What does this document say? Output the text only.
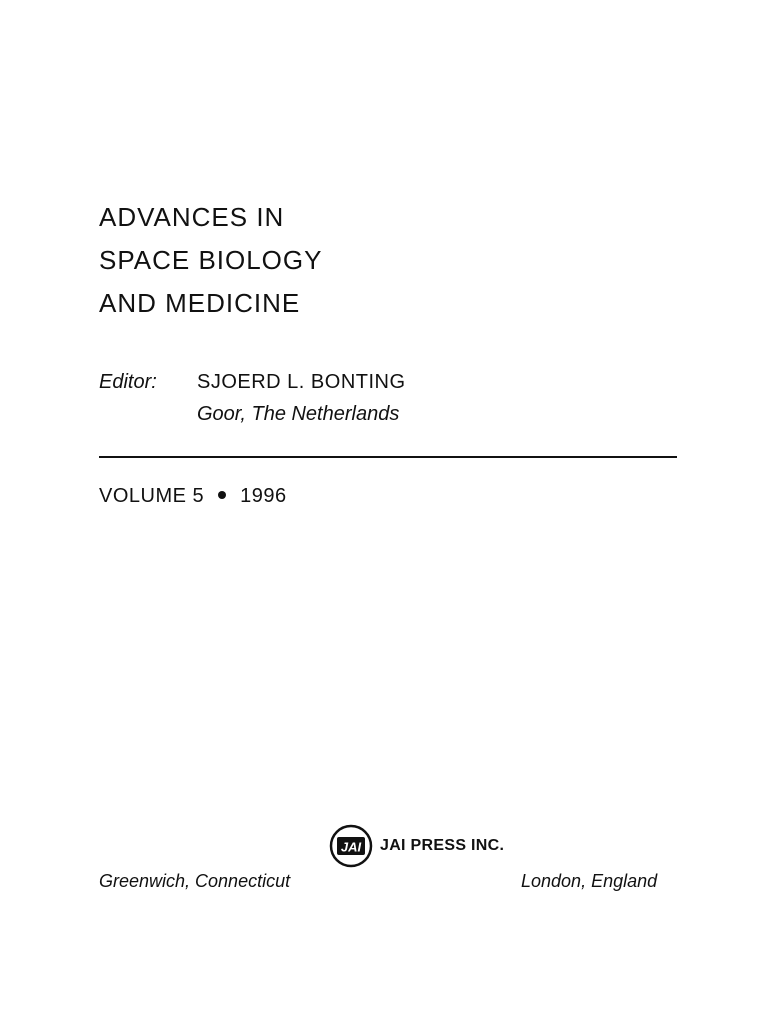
ADVANCES IN
SPACE BIOLOGY
AND MEDICINE
Editor:	SJOERD L. BONTING
Goor, The Netherlands
VOLUME 5 1996
JAI JAI PRESS INC.
Greenwich, Connecticut	London, England
